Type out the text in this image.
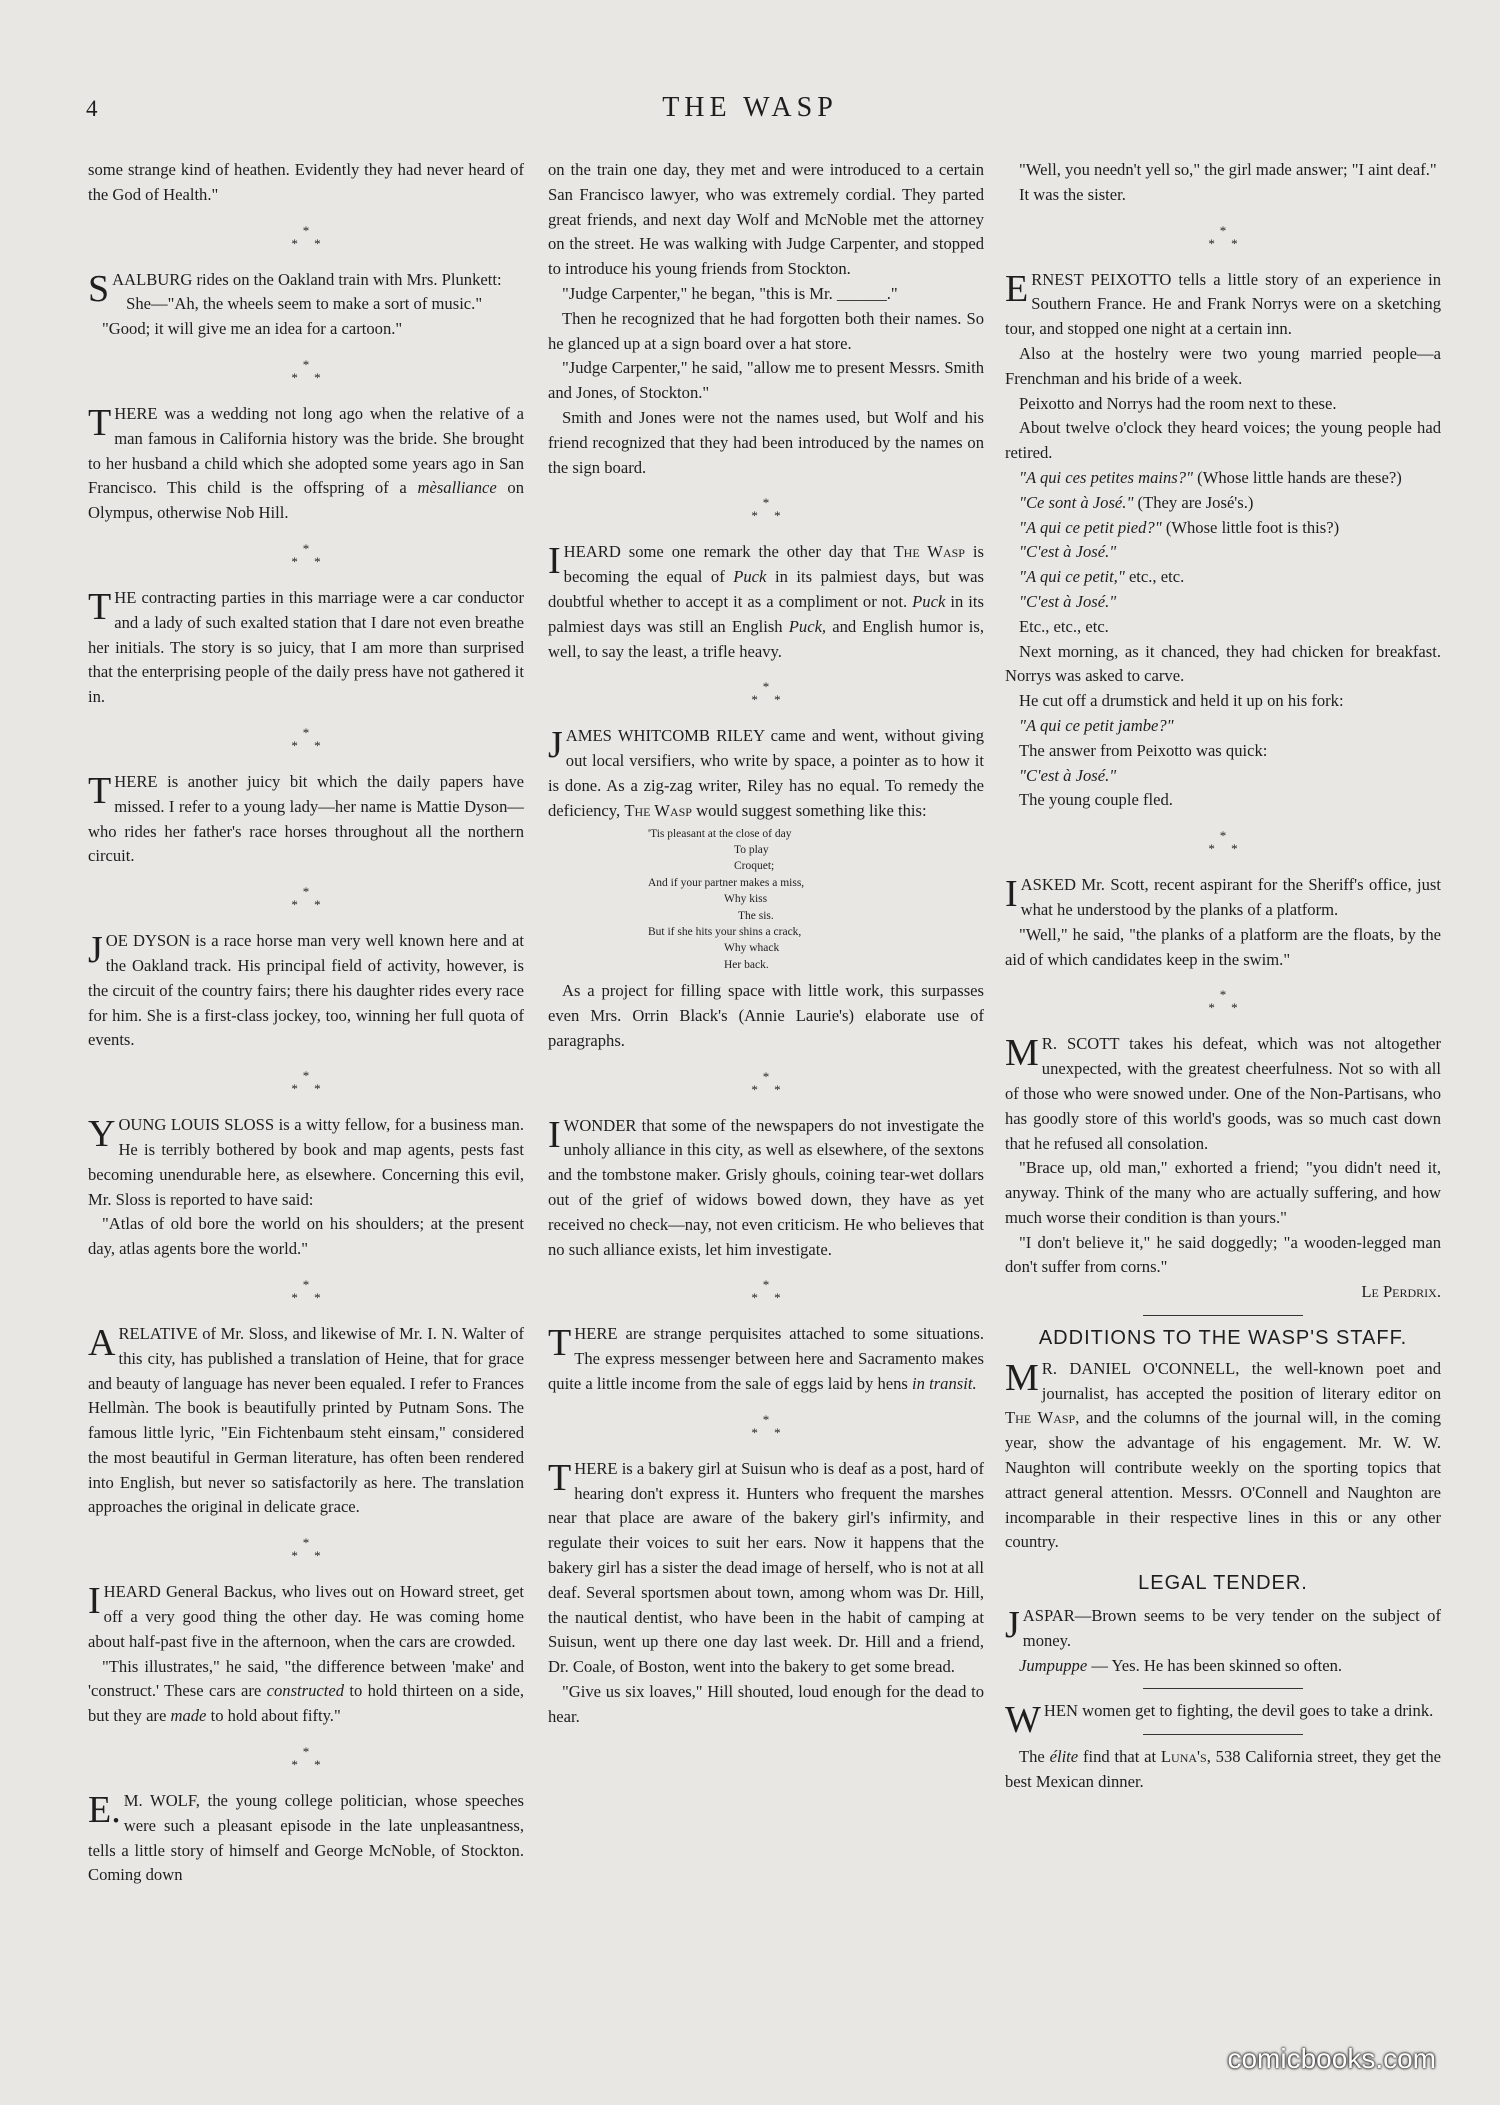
4	THE WASP

some strange kind of heathen. Evidently they had never heard of the God of Health."

*
*     *

SAALBURG rides on the Oakland train with Mrs. Plunkett:

She—"Ah, the wheels seem to make a sort of music."

"Good; it will give me an idea for a cartoon."

*
*     *

THERE was a wedding not long ago when the relative of a man famous in California history was the bride. She brought to her husband a child which she adopted some years ago in San Francisco. This child is the offspring of a mèsalliance on Olympus, otherwise Nob Hill.

*
*     *

THE contracting parties in this marriage were a car conductor and a lady of such exalted station that I dare not even breathe her initials. The story is so juicy, that I am more than surprised that the enterprising people of the daily press have not gathered it in.

*
*     *

THERE is another juicy bit which the daily papers have missed. I refer to a young lady—her name is Mattie Dyson—who rides her father's race horses throughout all the northern circuit.

*
*     *

JOE DYSON is a race horse man very well known here and at the Oakland track. His principal field of activity, however, is the circuit of the country fairs; there his daughter rides every race for him. She is a first-class jockey, too, winning her full quota of events.

*
*     *

YOUNG LOUIS SLOSS is a witty fellow, for a business man. He is terribly bothered by book and map agents, pests fast becoming unendurable here, as elsewhere. Concerning this evil, Mr. Sloss is reported to have said:

"Atlas of old bore the world on his shoulders; at the present day, atlas agents bore the world."

*
*     *

ARELATIVE of Mr. Sloss, and likewise of Mr. I. N. Walter of this city, has published a translation of Heine, that for grace and beauty of language has never been equaled. I refer to Frances Hellmàn. The book is beautifully printed by Putnam Sons. The famous little lyric, "Ein Fichtenbaum steht einsam," considered the most beautiful in German literature, has often been rendered into English, but never so satisfactorily as here. The translation approaches the original in delicate grace.

*
*     *

IHEARD General Backus, who lives out on Howard street, get off a very good thing the other day. He was coming home about half-past five in the afternoon, when the cars are crowded.

"This illustrates," he said, "the difference between 'make' and 'construct.' These cars are constructed to hold thirteen on a side, but they are made to hold about fifty."

*
*     *

E.M. WOLF, the young college politician, whose speeches were such a pleasant episode in the late unpleasantness, tells a little story of himself and George McNoble, of Stockton. Coming down

on the train one day, they met and were introduced to a certain San Francisco lawyer, who was extremely cordial. They parted great friends, and next day Wolf and McNoble met the attorney on the street. He was walking with Judge Carpenter, and stopped to introduce his young friends from Stockton.

"Judge Carpenter," he began, "this is Mr. ______."

Then he recognized that he had forgotten both their names. So he glanced up at a sign board over a hat store.

"Judge Carpenter," he said, "allow me to present Messrs. Smith and Jones, of Stockton."

Smith and Jones were not the names used, but Wolf and his friend recognized that they had been introduced by the names on the sign board.

*
*     *

IHEARD some one remark the other day that The Wasp is becoming the equal of Puck in its palmiest days, but was doubtful whether to accept it as a compliment or not. Puck in its palmiest days was still an English Puck, and English humor is, well, to say the least, a trifle heavy.

*
*     *

JAMES WHITCOMB RILEY came and went, without giving out local versifiers, who write by space, a pointer as to how it is done. As a zig-zag writer, Riley has no equal. To remedy the deficiency, The Wasp would suggest something like this:

'Tis pleasant at the close of day
To play
Croquet;
And if your partner makes a miss,
Why kiss
The sis.
But if she hits your shins a crack,
Why whack
Her back.

As a project for filling space with little work, this surpasses even Mrs. Orrin Black's (Annie Laurie's) elaborate use of paragraphs.

*
*     *

IWONDER that some of the newspapers do not investigate the unholy alliance in this city, as well as elsewhere, of the sextons and the tombstone maker. Grisly ghouls, coining tear-wet dollars out of the grief of widows bowed down, they have as yet received no check—nay, not even criticism. He who believes that no such alliance exists, let him investigate.

*
*     *

THERE are strange perquisites attached to some situations. The express messenger between here and Sacramento makes quite a little income from the sale of eggs laid by hens in transit.

*
*     *

THERE is a bakery girl at Suisun who is deaf as a post, hard of hearing don't express it. Hunters who frequent the marshes near that place are aware of the bakery girl's infirmity, and regulate their voices to suit her ears. Now it happens that the bakery girl has a sister the dead image of herself, who is not at all deaf. Several sportsmen about town, among whom was Dr. Hill, the nautical dentist, who have been in the habit of camping at Suisun, went up there one day last week. Dr. Hill and a friend, Dr. Coale, of Boston, went into the bakery to get some bread.

"Give us six loaves," Hill shouted, loud enough for the dead to hear.

"Well, you needn't yell so," the girl made answer; "I aint deaf."

It was the sister.

*
*     *

ERNEST PEIXOTTO tells a little story of an experience in Southern France. He and Frank Norrys were on a sketching tour, and stopped one night at a certain inn.

Also at the hostelry were two young married people—a Frenchman and his bride of a week.

Peixotto and Norrys had the room next to these.

About twelve o'clock they heard voices; the young people had retired.

"A qui ces petites mains?" (Whose little hands are these?)

"Ce sont à José." (They are José's.)

"A qui ce petit pied?" (Whose little foot is this?)

"C'est à José."

"A qui ce petit," etc., etc.

"C'est à José."

Etc., etc., etc.

Next morning, as it chanced, they had chicken for breakfast. Norrys was asked to carve.

He cut off a drumstick and held it up on his fork:

"A qui ce petit jambe?"

The answer from Peixotto was quick:

"C'est à José."

The young couple fled.

*
*     *

IASKED Mr. Scott, recent aspirant for the Sheriff's office, just what he understood by the planks of a platform.

"Well," he said, "the planks of a platform are the floats, by the aid of which candidates keep in the swim."

*
*     *

MR. SCOTT takes his defeat, which was not altogether unexpected, with the greatest cheerfulness. Not so with all of those who were snowed under. One of the Non-Partisans, who has goodly store of this world's goods, was so much cast down that he refused all consolation.

"Brace up, old man," exhorted a friend; "you didn't need it, anyway. Think of the many who are actually suffering, and how much worse their condition is than yours."

"I don't believe it," he said doggedly; "a wooden-legged man don't suffer from corns."

Le Perdrix.

ADDITIONS TO THE WASP'S STAFF.

MR. DANIEL O'CONNELL, the well-known poet and journalist, has accepted the position of literary editor on The Wasp, and the columns of the journal will, in the coming year, show the advantage of his engagement. Mr. W. W. Naughton will contribute weekly on the sporting topics that attract general attention. Messrs. O'Connell and Naughton are incomparable in their respective lines in this or any other country.

LEGAL TENDER.

JASPAR—Brown seems to be very tender on the subject of money.

Jumpuppe — Yes. He has been skinned so often.

WHEN women get to fighting, the devil goes to take a drink.

The élite find that at Luna's, 538 California street, they get the best Mexican dinner.

comicbooks.com
